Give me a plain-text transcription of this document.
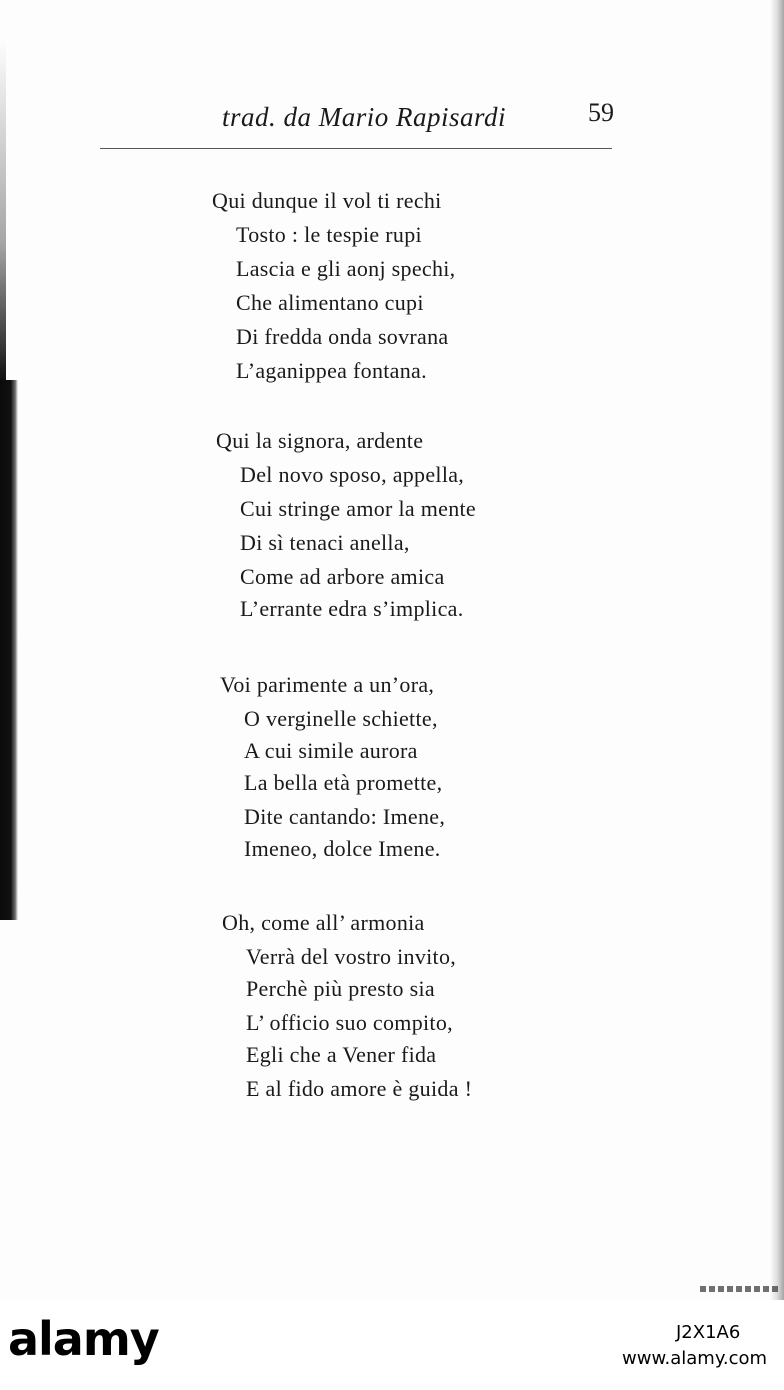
trad. da Mario Rapisardi	59
Qui dunque il vol ti rechi
Tosto : le tespie rupi
Lascia e gli aonj spechi,
Che alimentano cupi
Di fredda onda sovrana
L’aganippea fontana.
Qui la signora, ardente
Del novo sposo, appella,
Cui stringe amor la mente
Di sì tenaci anella,
Come ad arbore amica
L’errante edra s’implica.
Voi parimente a un’ora,
O verginelle schiette,
A cui simile aurora
La bella età promette,
Dite cantando: Imene,
Imeneo, dolce Imene.
Oh, come all’ armonia
Verrà del vostro invito,
Perchè più presto sia
L’ officio suo compito,
Egli che a Vener fida
E al fido amore è guida !
alamy	J2X1A6
www.alamy.com
